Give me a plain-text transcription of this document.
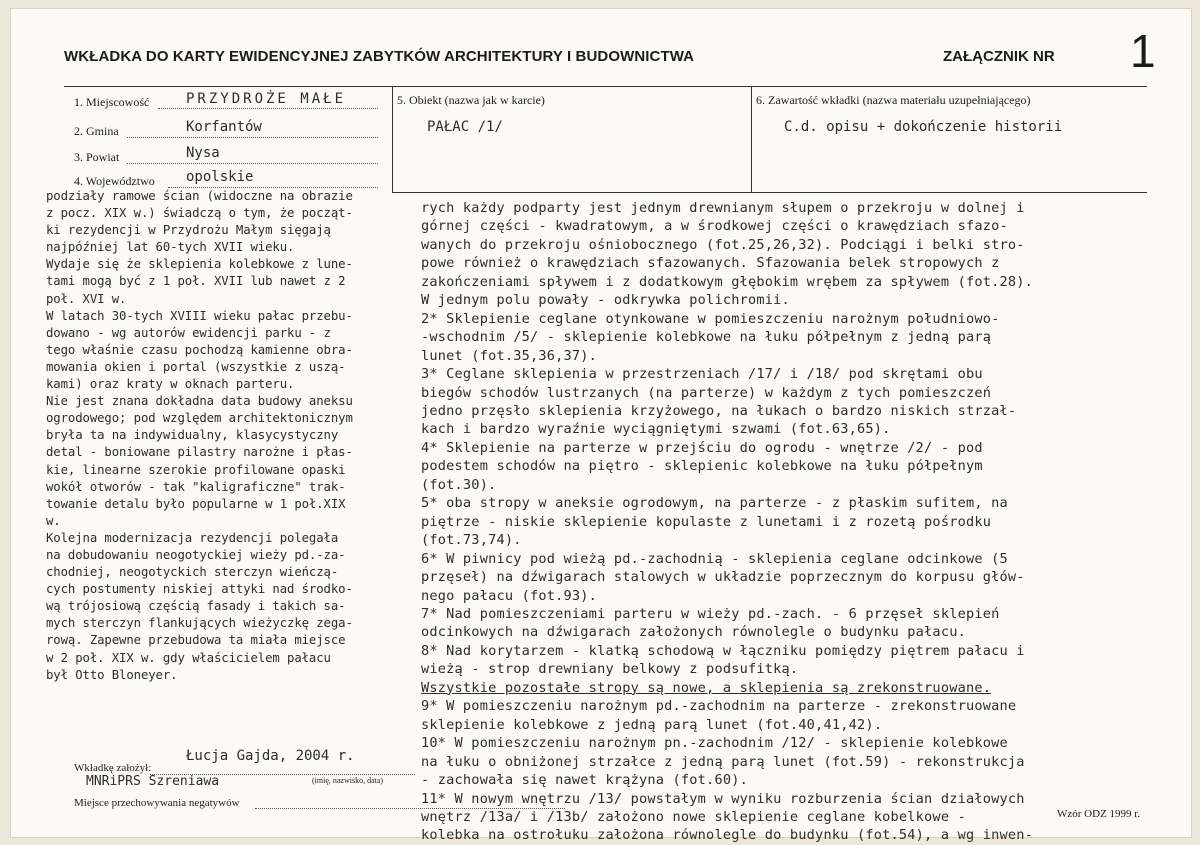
WKŁADKA DO KARTY EWIDENCYJNEJ ZABYTKÓW ARCHITEKTURY I BUDOWNICTWA	ZAŁĄCZNIK NR 1
1. Miejscowość	PRZYDROŻE MAŁE
2. Gmina	Korfantów
3. Powiat	Nysa
4. Województwo opolskie
5. Obiekt (nazwa jak w karcie)
PAŁAC /1/
6. Zawartość wkładki (nazwa materiału uzupełniającego)
C.d. opisu + dokończenie historii
podziały ramowe ścian (widoczne na obrazie
z pocz. XIX w.) świadczą o tym, że począt-
ki rezydencji w Przydrożu Małym sięgają
najpóźniej lat 60-tych XVII wieku.
Wydaje się że sklepienia kolebkowe z lune-
tami mogą być z 1 poł. XVII lub nawet z 2
poł. XVI w.
W latach 30-tych XVIII wieku pałac przebu-
dowano - wg autorów ewidencji parku - z
tego właśnie czasu pochodzą kamienne obra-
mowania okien i portal (wszystkie z uszą-
kami) oraz kraty w oknach parteru.
Nie jest znana dokładna data budowy aneksu
ogrodowego; pod względem architektonicznym
bryła ta na indywidualny, klasycystyczny
detal - boniowane pilastry narożne i płas-
kie, linearne szerokie profilowane opaski
wokół otworów - tak "kaligraficzne" trak-
towanie detalu było popularne w 1 poł.XIX
w.
Kolejna modernizacja rezydencji polegała
na dobudowaniu neogotyckiej wieży pd.-za-
chodniej, neogotyckich sterczyn wieńczą-
cych postumenty niskiej attyki nad środko-
wą trójosiową częścią fasady i takich sa-
mych sterczyn flankujących wieżyczkę zega-
rową. Zapewne przebudowa ta miała miejsce
w 2 poł. XIX w. gdy właścicielem pałacu
był Otto Bloneyer.
rych każdy podparty jest jednym drewnianym słupem o przekroju w dolnej i
górnej części - kwadratowym, a w środkowej części o krawędziach sfazo-
wanych do przekroju ośniobocznego (fot.25,26,32). Podciągi i belki stro-
powe również o krawędziach sfazowanych. Sfazowania belek stropowych z
zakończeniami spływem i z dodatkowym głębokim wrębem za spływem (fot.28).
W jednym polu powały - odkrywka polichromii.
2* Sklepienie ceglane otynkowane w pomieszczeniu narożnym południowo-
-wschodnim /5/ - sklepienie kolebkowe na łuku półpełnym z jedną parą
lunet (fot.35,36,37).
3* Ceglane sklepienia w przestrzeniach /17/ i /18/ pod skrętami obu
biegów schodów lustrzanych (na parterze) w każdym z tych pomieszczeń
jedno przęsło sklepienia krzyżowego, na łukach o bardzo niskich strzał-
kach i bardzo wyraźnie wyciągniętymi szwami (fot.63,65).
4* Sklepienie na parterze w przejściu do ogrodu - wnętrze /2/ - pod
podestem schodów na piętro - sklepienic kolebkowe na łuku półpełnym
(fot.30).
5* oba stropy w aneksie ogrodowym, na parterze - z płaskim sufitem, na
piętrze - niskie sklepienie kopulaste z lunetami i z rozetą pośrodku
(fot.73,74).
6* W piwnicy pod wieżą pd.-zachodnią - sklepienia ceglane odcinkowe (5
przęseł) na dźwigarach stalowych w układzie poprzecznym do korpusu głów-
nego pałacu (fot.93).
7* Nad pomieszczeniami parteru w wieży pd.-zach. - 6 przęseł sklepień
odcinkowych na dźwigarach założonych równolegle o budynku pałacu.
8* Nad korytarzem - klatką schodową w łączniku pomiędzy piętrem pałacu i
wieżą - strop drewniany belkowy z podsufitką.
Wszystkie pozostałe stropy są nowe, a sklepienia są zrekonstruowane.
9* W pomieszczeniu narożnym pd.-zachodnim na parterze - zrekonstruowane
sklepienie kolebkowe z jedną parą lunet (fot.40,41,42).
10* W pomieszczeniu narożnym pn.-zachodnim /12/ - sklepienie kolebkowe
na łuku o obniżonej strzałce z jedną parą lunet (fot.59) - rekonstrukcja
- zachowała się nawet krążyna (fot.60).
11* W nowym wnętrzu /13/ powstałym w wyniku rozburzenia ścian działowych
wnętrz /13a/ i /13b/ założono nowe sklepienie ceglane kobelkowe -
kolebka na ostrołuku założona równolegle do budynku (fot.54), a wg inwen-
Wkładkę założył:
Łucja Gajda, 2004 r.
MNRiPRS Szreniawa	(imię, nazwisko, data)
Miejsce przechowywania negatywów
Wzór ODZ 1999 r.
